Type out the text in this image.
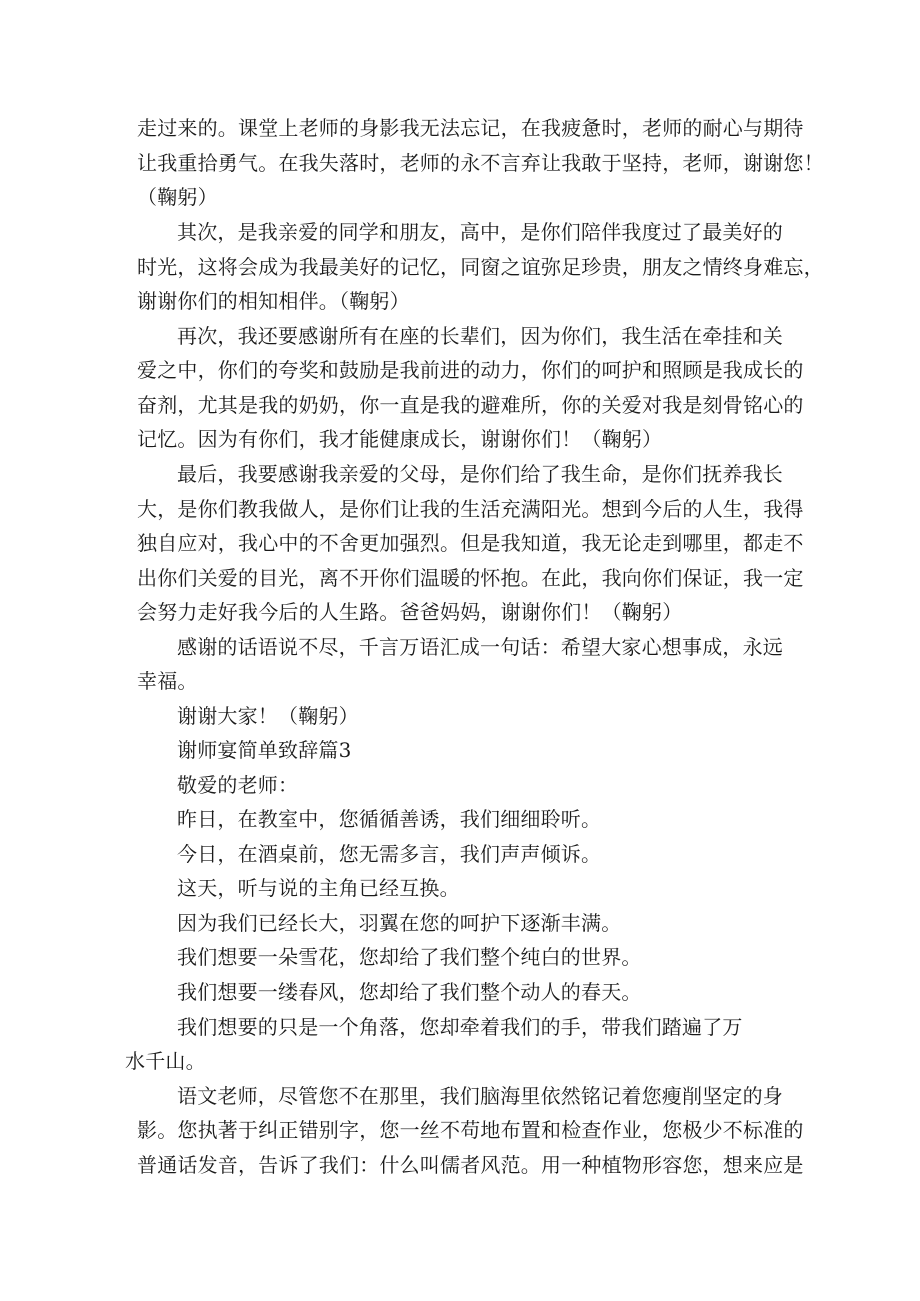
走过来的。课堂上老师的身影我无法忘记，在我疲惫时，老师的耐心与期待
让我重拾勇气。在我失落时，老师的永不言弃让我敢于坚持，老师，谢谢您！
（鞠躬）
其次，是我亲爱的同学和朋友，高中，是你们陪伴我度过了最美好的
时光，这将会成为我最美好的记忆，同窗之谊弥足珍贵，朋友之情终身难忘，
谢谢你们的相知相伴。（鞠躬）
再次，我还要感谢所有在座的长辈们，因为你们，我生活在牵挂和关
爱之中，你们的夸奖和鼓励是我前进的动力，你们的呵护和照顾是我成长的
奋剂，尤其是我的奶奶，你一直是我的避难所，你的关爱对我是刻骨铭心的
记忆。因为有你们，我才能健康成长，谢谢你们！（鞠躬）
最后，我要感谢我亲爱的父母，是你们给了我生命，是你们抚养我长
大，是你们教我做人，是你们让我的生活充满阳光。想到今后的人生，我得
独自应对，我心中的不舍更加强烈。但是我知道，我无论走到哪里，都走不
出你们关爱的目光，离不开你们温暖的怀抱。在此，我向你们保证，我一定
会努力走好我今后的人生路。爸爸妈妈，谢谢你们！（鞠躬）
感谢的话语说不尽，千言万语汇成一句话：希望大家心想事成，永远
幸福。
谢谢大家！（鞠躬）
谢师宴简单致辞篇3
敬爱的老师：
昨日，在教室中，您循循善诱，我们细细聆听。
今日，在酒桌前，您无需多言，我们声声倾诉。
这天，听与说的主角已经互换。
因为我们已经长大，羽翼在您的呵护下逐渐丰满。
我们想要一朵雪花，您却给了我们整个纯白的世界。
我们想要一缕春风，您却给了我们整个动人的春天。
我们想要的只是一个角落，您却牵着我们的手，带我们踏遍了万
水千山。
语文老师，尽管您不在那里，我们脑海里依然铭记着您瘦削坚定的身
影。您执著于纠正错别字，您一丝不苟地布置和检查作业，您极少不标准的
普通话发音，告诉了我们：什么叫儒者风范。用一种植物形容您，想来应是
